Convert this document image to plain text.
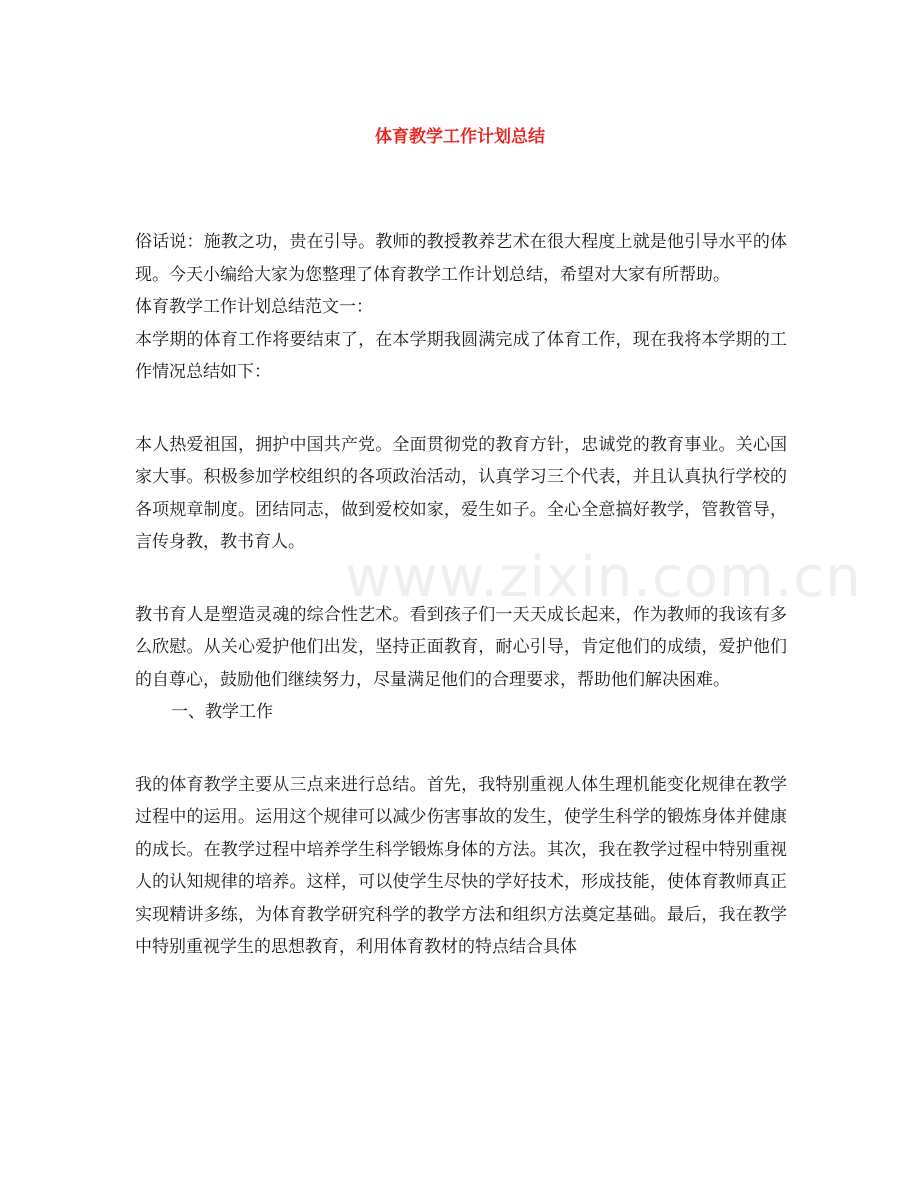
体育教学工作计划总结
www.zixin.com.cn
俗话说：施教之功，贵在引导。教师的教授教养艺术在很大程度上就是他引导水平的体现。今天小编给大家为您整理了体育教学工作计划总结，希望对大家有所帮助。
体育教学工作计划总结范文一：
本学期的体育工作将要结束了，在本学期我圆满完成了体育工作，现在我将本学期的工作情况总结如下：
本人热爱祖国，拥护中国共产党。全面贯彻党的教育方针，忠诚党的教育事业。关心国家大事。积极参加学校组织的各项政治活动，认真学习三个代表，并且认真执行学校的各项规章制度。团结同志，做到爱校如家，爱生如子。全心全意搞好教学，管教管导，言传身教，教书育人。
教书育人是塑造灵魂的综合性艺术。看到孩子们一天天成长起来，作为教师的我该有多么欣慰。从关心爱护他们出发，坚持正面教育，耐心引导，肯定他们的成绩，爱护他们的自尊心，鼓励他们继续努力，尽量满足他们的合理要求，帮助他们解决困难。
一、教学工作
我的体育教学主要从三点来进行总结。首先，我特别重视人体生理机能变化规律在教学过程中的运用。运用这个规律可以减少伤害事故的发生，使学生科学的锻炼身体并健康的成长。在教学过程中培养学生科学锻炼身体的方法。其次，我在教学过程中特别重视人的认知规律的培养。这样，可以使学生尽快的学好技术，形成技能，使体育教师真正实现精讲多练，为体育教学研究科学的教学方法和组织方法奠定基础。最后，我在教学中特别重视学生的思想教育，利用体育教材的特点结合具体
